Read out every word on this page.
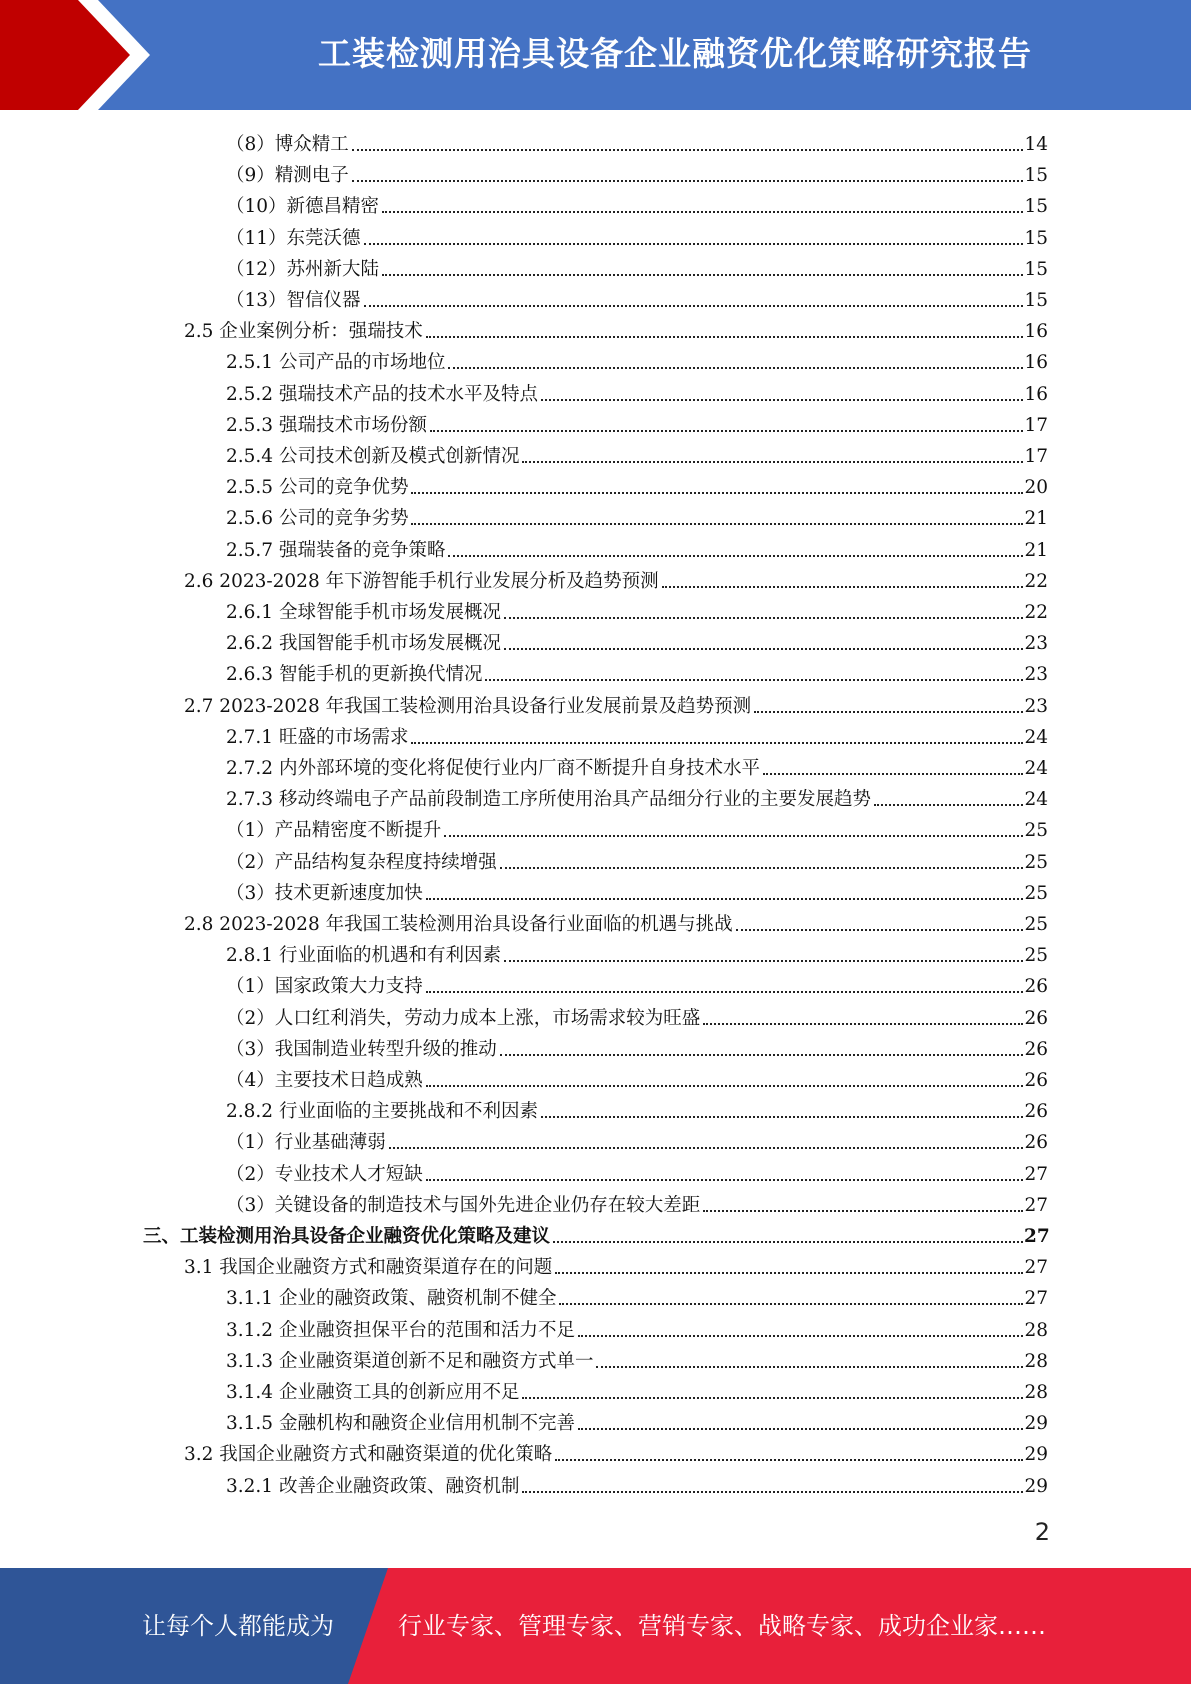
工装检测用治具设备企业融资优化策略研究报告
（8）博众精工	14
（9）精测电子	15
（10）新德昌精密	15
（11）东莞沃德	15
（12）苏州新大陆	15
（13）智信仪器	15
2.5 企业案例分析：强瑞技术	16
2.5.1 公司产品的市场地位	16
2.5.2 强瑞技术产品的技术水平及特点	16
2.5.3 强瑞技术市场份额	17
2.5.4 公司技术创新及模式创新情况	17
2.5.5 公司的竞争优势	20
2.5.6 公司的竞争劣势	21
2.5.7 强瑞装备的竞争策略	21
2.6 2023-2028 年下游智能手机行业发展分析及趋势预测	22
2.6.1 全球智能手机市场发展概况	22
2.6.2 我国智能手机市场发展概况	23
2.6.3 智能手机的更新换代情况	23
2.7 2023-2028 年我国工装检测用治具设备行业发展前景及趋势预测	23
2.7.1 旺盛的市场需求	24
2.7.2 内外部环境的变化将促使行业内厂商不断提升自身技术水平	24
2.7.3 移动终端电子产品前段制造工序所使用治具产品细分行业的主要发展趋势	24
（1）产品精密度不断提升	25
（2）产品结构复杂程度持续增强	25
（3）技术更新速度加快	25
2.8 2023-2028 年我国工装检测用治具设备行业面临的机遇与挑战	25
2.8.1 行业面临的机遇和有利因素	25
（1）国家政策大力支持	26
（2）人口红利消失，劳动力成本上涨，市场需求较为旺盛	26
（3）我国制造业转型升级的推动	26
（4）主要技术日趋成熟	26
2.8.2 行业面临的主要挑战和不利因素	26
（1）行业基础薄弱	26
（2）专业技术人才短缺	27
（3）关键设备的制造技术与国外先进企业仍存在较大差距	27
三、工装检测用治具设备企业融资优化策略及建议	27
3.1 我国企业融资方式和融资渠道存在的问题	27
3.1.1 企业的融资政策、融资机制不健全	27
3.1.2 企业融资担保平台的范围和活力不足	28
3.1.3 企业融资渠道创新不足和融资方式单一	28
3.1.4 企业融资工具的创新应用不足	28
3.1.5 金融机构和融资企业信用机制不完善	29
3.2 我国企业融资方式和融资渠道的优化策略	29
3.2.1 改善企业融资政策、融资机制	29
2
让每个人都能成为	行业专家、管理专家、营销专家、战略专家、成功企业家……
